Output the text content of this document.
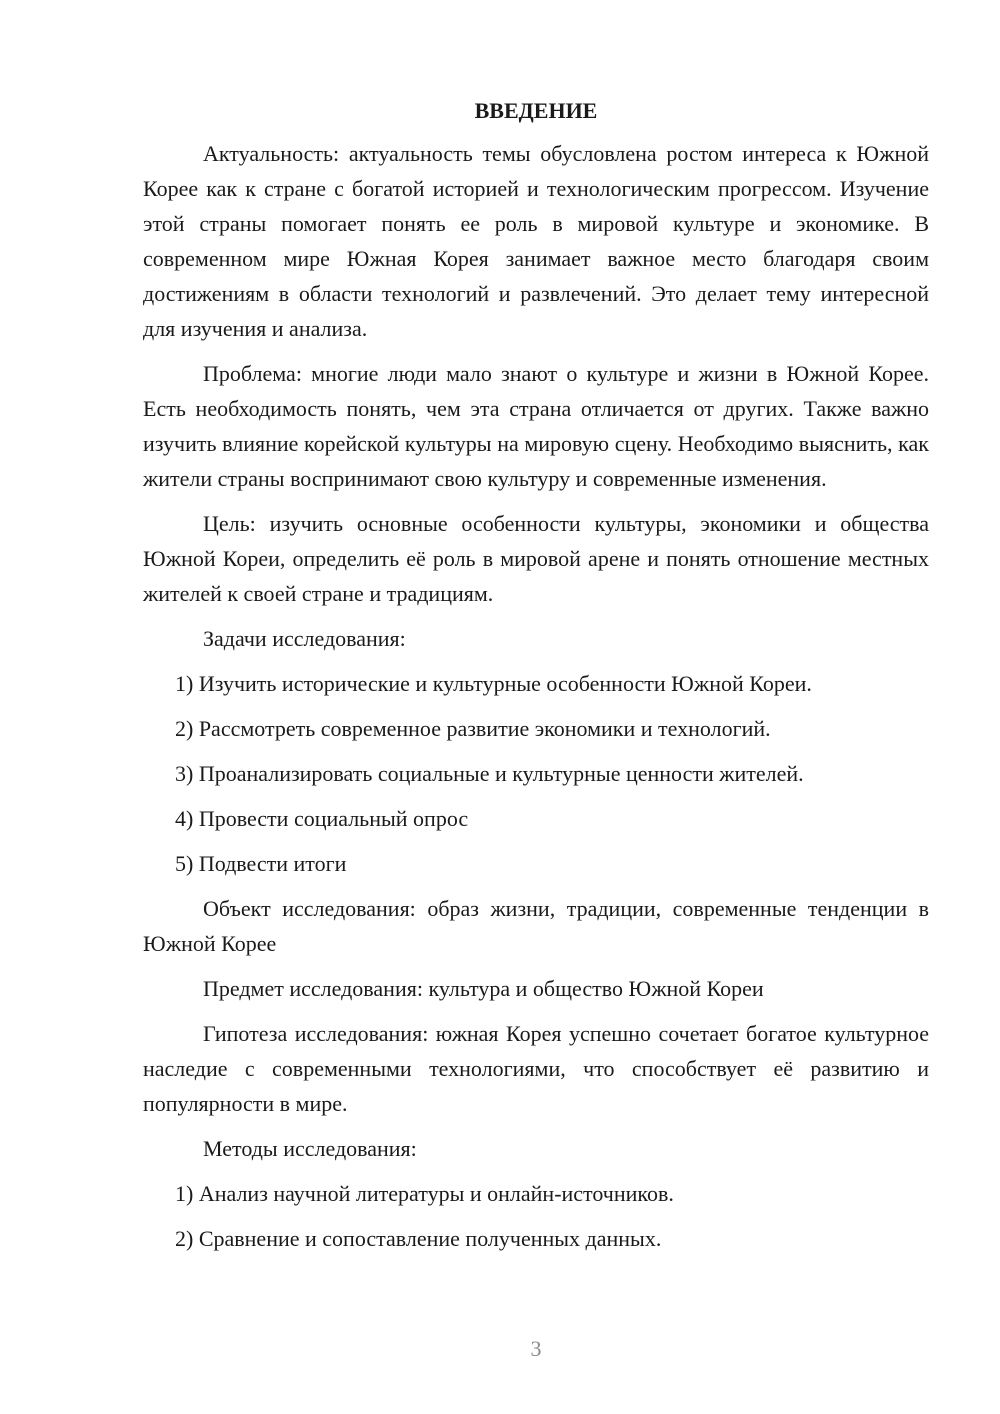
ВВЕДЕНИЕ

Актуальность: актуальность темы обусловлена ростом интереса к Южной Корее как к стране с богатой историей и технологическим прогрессом. Изучение этой страны помогает понять ее роль в мировой культуре и экономике. В современном мире Южная Корея занимает важное место благодаря своим достижениям в области технологий и развлечений. Это делает тему интересной для изучения и анализа.

Проблема: многие люди мало знают о культуре и жизни в Южной Корее. Есть необходимость понять, чем эта страна отличается от других. Также важно изучить влияние корейской культуры на мировую сцену. Необходимо выяснить, как жители страны воспринимают свою культуру и современные изменения.

Цель: изучить основные особенности культуры, экономики и общества Южной Кореи, определить её роль в мировой арене и понять отношение местных жителей к своей стране и традициям.

Задачи исследования:

1) Изучить исторические и культурные особенности Южной Кореи.
2) Рассмотреть современное развитие экономики и технологий.
3) Проанализировать социальные и культурные ценности жителей.
4) Провести социальный опрос
5) Подвести итоги

Объект исследования: образ жизни, традиции, современные тенденции в Южной Корее

Предмет исследования: культура и общество Южной Кореи

Гипотеза исследования: южная Корея успешно сочетает богатое культурное наследие с современными технологиями, что способствует её развитию и популярности в мире.

Методы исследования:

1) Анализ научной литературы и онлайн-источников.
2) Сравнение и сопоставление полученных данных.
3
